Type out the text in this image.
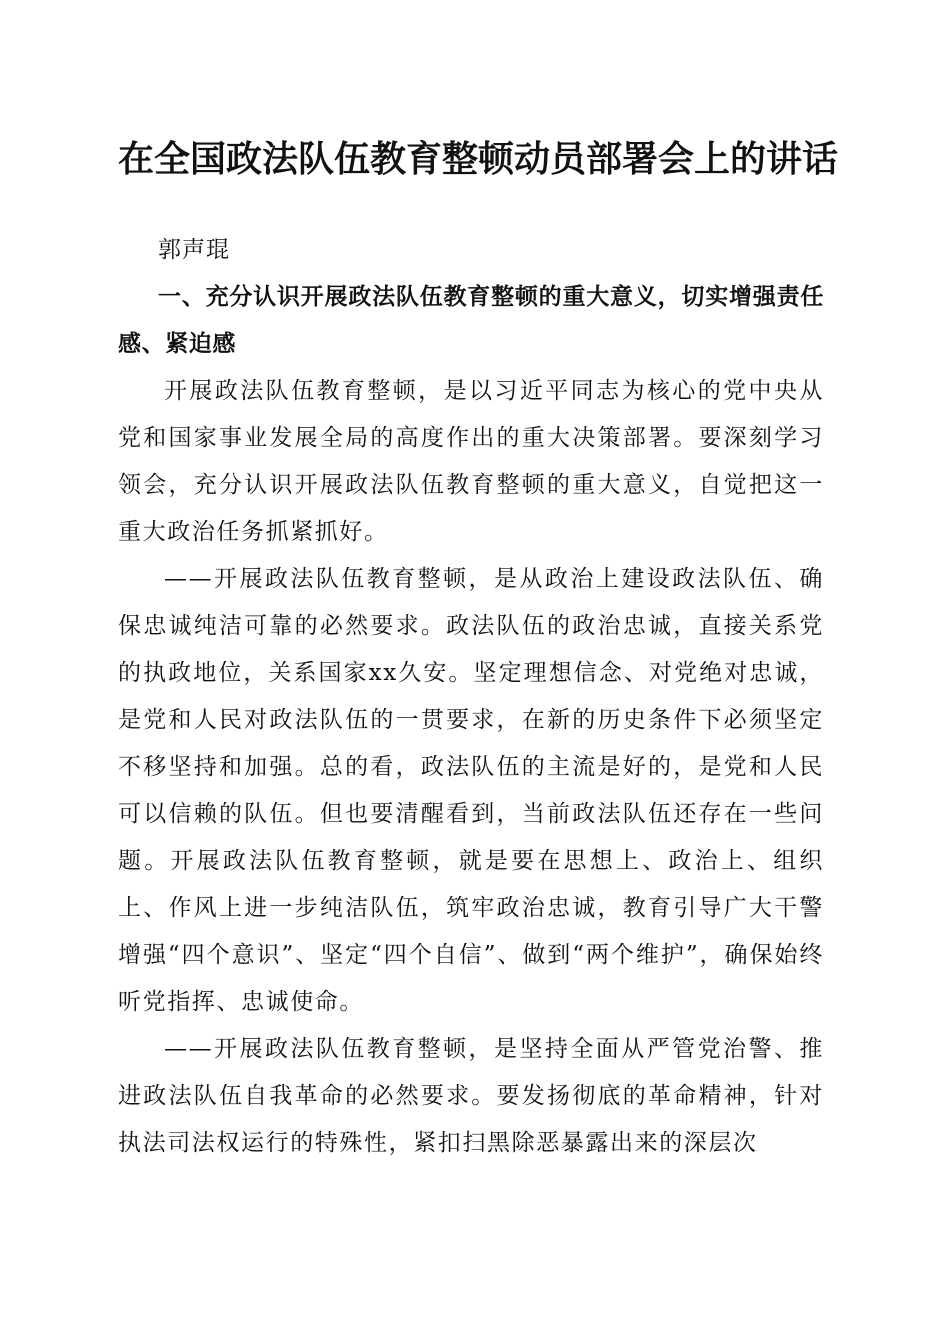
在全国政法队伍教育整顿动员部署会上的讲话

郭声琨

一、充分认识开展政法队伍教育整顿的重大意义，切实增强责任感、紧迫感

开展政法队伍教育整顿，是以习近平同志为核心的党中央从党和国家事业发展全局的高度作出的重大决策部署。要深刻学习领会，充分认识开展政法队伍教育整顿的重大意义，自觉把这一重大政治任务抓紧抓好。

——开展政法队伍教育整顿，是从政治上建设政法队伍、确保忠诚纯洁可靠的必然要求。政法队伍的政治忠诚，直接关系党的执政地位，关系国家xx久安。坚定理想信念、对党绝对忠诚，是党和人民对政法队伍的一贯要求，在新的历史条件下必须坚定不移坚持和加强。总的看，政法队伍的主流是好的，是党和人民可以信赖的队伍。但也要清醒看到，当前政法队伍还存在一些问题。开展政法队伍教育整顿，就是要在思想上、政治上、组织上、作风上进一步纯洁队伍，筑牢政治忠诚，教育引导广大干警增强“四个意识”、坚定“四个自信”、做到“两个维护”，确保始终听党指挥、忠诚使命。

——开展政法队伍教育整顿，是坚持全面从严管党治警、推进政法队伍自我革命的必然要求。要发扬彻底的革命精神，针对执法司法权运行的特殊性，紧扣扫黑除恶暴露出来的深层次
